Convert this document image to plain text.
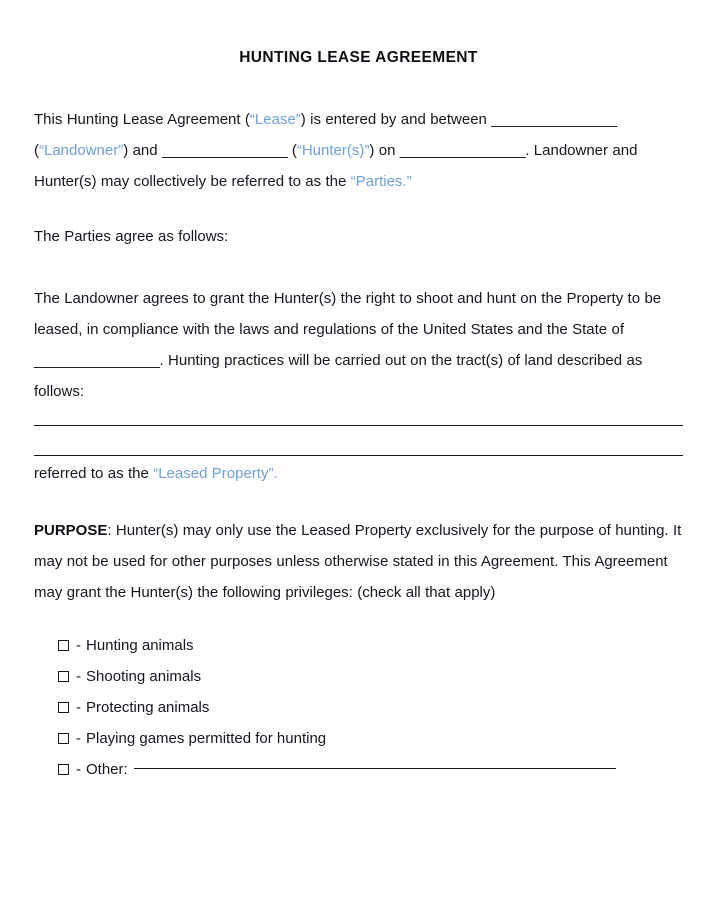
HUNTING LEASE AGREEMENT

This Hunting Lease Agreement (“Lease”) is entered by and between ________________ (“Landowner”) and ________________ (“Hunter(s)”) on ________________. Landowner and Hunter(s) may collectively be referred to as the “Parties.”

The Parties agree as follows:

The Landowner agrees to grant the Hunter(s) the right to shoot and hunt on the Property to be leased, in compliance with the laws and regulations of the United States and the State of ________________. Hunting practices will be carried out on the tract(s) of land described as follows:

referred to as the “Leased Property”.

PURPOSE: Hunter(s) may only use the Leased Property exclusively for the purpose of hunting. It may not be used for other purposes unless otherwise stated in this Agreement. This Agreement may grant the Hunter(s) the following privileges: (check all that apply)

- Hunting animals
- Shooting animals
- Protecting animals
- Playing games permitted for hunting
- Other:
